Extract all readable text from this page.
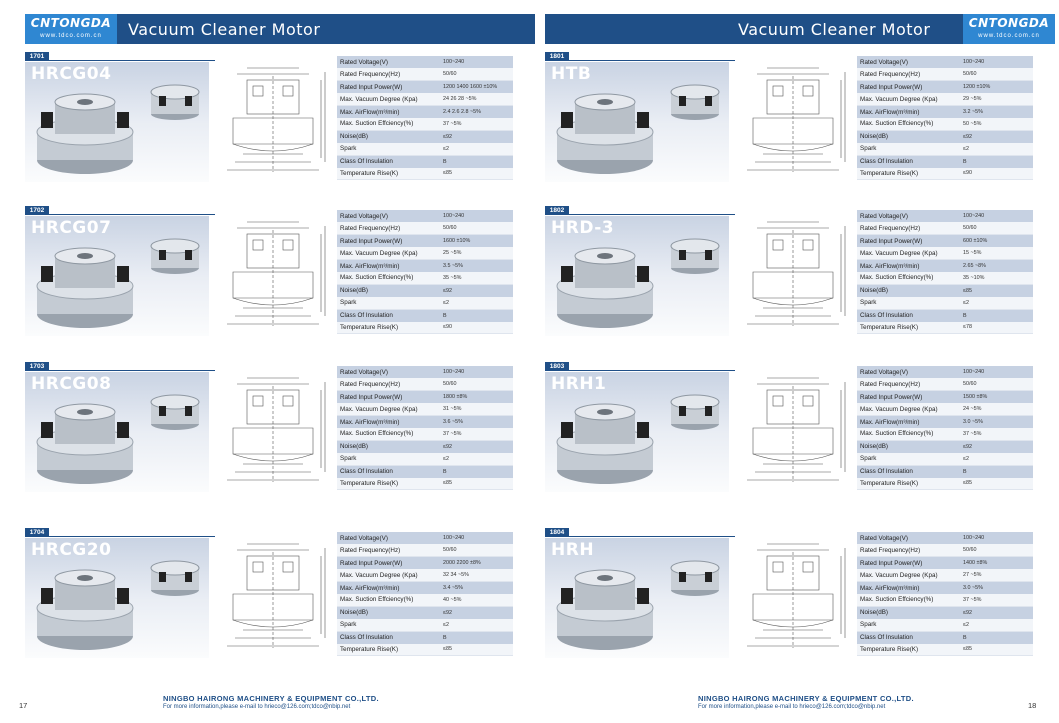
CNTONGDA
www.tdco.com.cn	Vacuum Cleaner Motor	Vacuum Cleaner Motor	CNTONGDA
www.tdco.com.cn
1701
HRCG04
Rated Voltage(V)	100~240
Rated Frequency(Hz)	50/60
Rated Input Power(W)	1200 1400 1600 ±10%
Max. Vacuum Degree (Kpa)	24 26 28 ~5%
Max. AirFlow(m³/min)	2.4 2.6 2.8 ~5%
Max. Suction Effciency(%)	37 ~5%
Noise(dB)	≤92
Spark	≤2
Class Of Insulation	B
Temperature Rise(K)	≤85
1702
HRCG07
Rated Voltage(V)	100~240
Rated Frequency(Hz)	50/60
Rated Input Power(W)	1600 ±10%
Max. Vacuum Degree (Kpa)	25 ~5%
Max. AirFlow(m³/min)	3.5 ~5%
Max. Suction Effciency(%)	35 ~5%
Noise(dB)	≤92
Spark	≤2
Class Of Insulation	B
Temperature Rise(K)	≤90
1703
HRCG08
Rated Voltage(V)	100~240
Rated Frequency(Hz)	50/60
Rated Input Power(W)	1800 ±8%
Max. Vacuum Degree (Kpa)	31 ~5%
Max. AirFlow(m³/min)	3.6 ~5%
Max. Suction Effciency(%)	37 ~5%
Noise(dB)	≤92
Spark	≤2
Class Of Insulation	B
Temperature Rise(K)	≤85
1704
HRCG20
Rated Voltage(V)	100~240
Rated Frequency(Hz)	50/60
Rated Input Power(W)	2000 2200 ±8%
Max. Vacuum Degree (Kpa)	32 34 ~5%
Max. AirFlow(m³/min)	3.4 ~5%
Max. Suction Effciency(%)	40 ~5%
Noise(dB)	≤92
Spark	≤2
Class Of Insulation	B
Temperature Rise(K)	≤85
1801
HTB
Rated Voltage(V)	100~240
Rated Frequency(Hz)	50/60
Rated Input Power(W)	1200 ±10%
Max. Vacuum Degree (Kpa)	29 ~5%
Max. AirFlow(m³/min)	3.2 ~5%
Max. Suction Effciency(%)	50 ~5%
Noise(dB)	≤92
Spark	≤2
Class Of Insulation	B
Temperature Rise(K)	≤90
1802
HRD-3
Rated Voltage(V)	100~240
Rated Frequency(Hz)	50/60
Rated Input Power(W)	600 ±10%
Max. Vacuum Degree (Kpa)	15 ~5%
Max. AirFlow(m³/min)	2.65 ~8%
Max. Suction Effciency(%)	35 ~10%
Noise(dB)	≤85
Spark	≤2
Class Of Insulation	B
Temperature Rise(K)	≤78
1803
HRH1
Rated Voltage(V)	100~240
Rated Frequency(Hz)	50/60
Rated Input Power(W)	1500 ±8%
Max. Vacuum Degree (Kpa)	24 ~5%
Max. AirFlow(m³/min)	3.0 ~5%
Max. Suction Effciency(%)	37 ~5%
Noise(dB)	≤92
Spark	≤2
Class Of Insulation	B
Temperature Rise(K)	≤85
1804
HRH
Rated Voltage(V)	100~240
Rated Frequency(Hz)	50/60
Rated Input Power(W)	1400 ±8%
Max. Vacuum Degree (Kpa)	27 ~5%
Max. AirFlow(m³/min)	3.0 ~5%
Max. Suction Effciency(%)	37 ~5%
Noise(dB)	≤92
Spark	≤2
Class Of Insulation	B
Temperature Rise(K)	≤85
NINGBO HAIRONG MACHINERY & EQUIPMENT CO.,LTD.
For more information,please e-mail to hrieco@126.com;tdco@nbip.net
17
NINGBO HAIRONG MACHINERY & EQUIPMENT CO.,LTD.
For more information,please e-mail to hrieco@126.com;tdco@nbip.net	18
